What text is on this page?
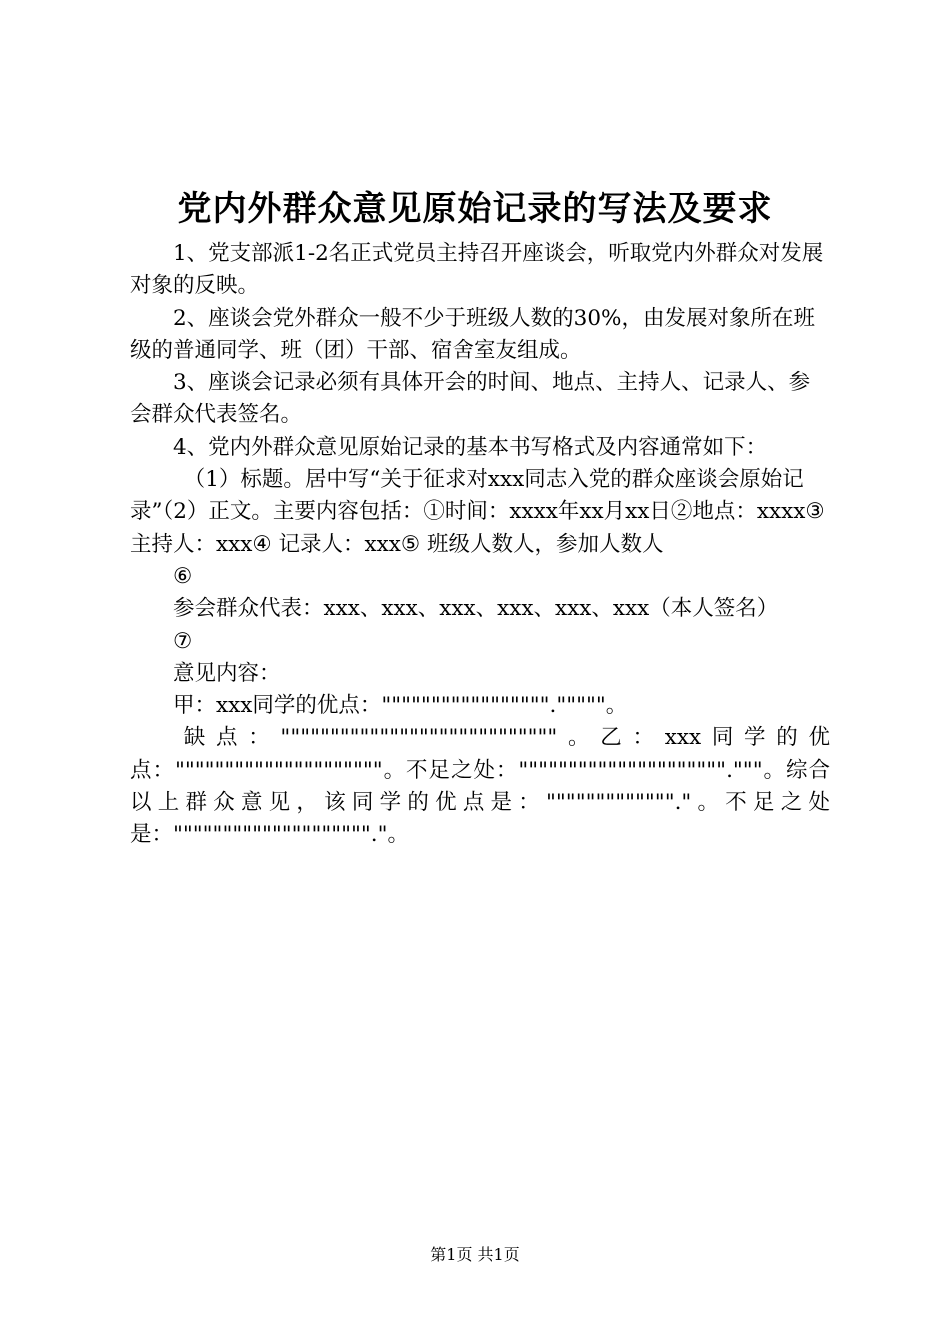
党内外群众意见原始记录的写法及要求

1、党支部派1-2名正式党员主持召开座谈会，听取党内外群众对发展对象的反映。

2、座谈会党外群众一般不少于班级人数的30%，由发展对象所在班级的普通同学、班（团）干部、宿舍室友组成。

3、座谈会记录必须有具体开会的时间、地点、主持人、记录人、参会群众代表签名。

4、党内外群众意见原始记录的基本书写格式及内容通常如下：

（1）标题。居中写“关于征求对xxx同志入党的群众座谈会原始记录”（2）正文。主要内容包括：①时间：xxxx年xx月xx日②地点：xxxx③ 主持人：xxx④ 记录人：xxx⑤ 班级人数人，参加人数人

⑥

参会群众代表：xxx、xxx、xxx、xxx、xxx、xxx（本人签名）

⑦

意见内容：

甲：xxx同学的优点："""""""""""""""""."""""。

缺点：""""""""""""""""""""""""""""。乙：xxx同学的优点："""""""""""""""""""""。不足之处："""""""""""""""""""""."""。综合以上群众意见，该同学的优点是："""""""""""""."。不足之处是：""""""""""""""""""""."。

第1页 共1页
